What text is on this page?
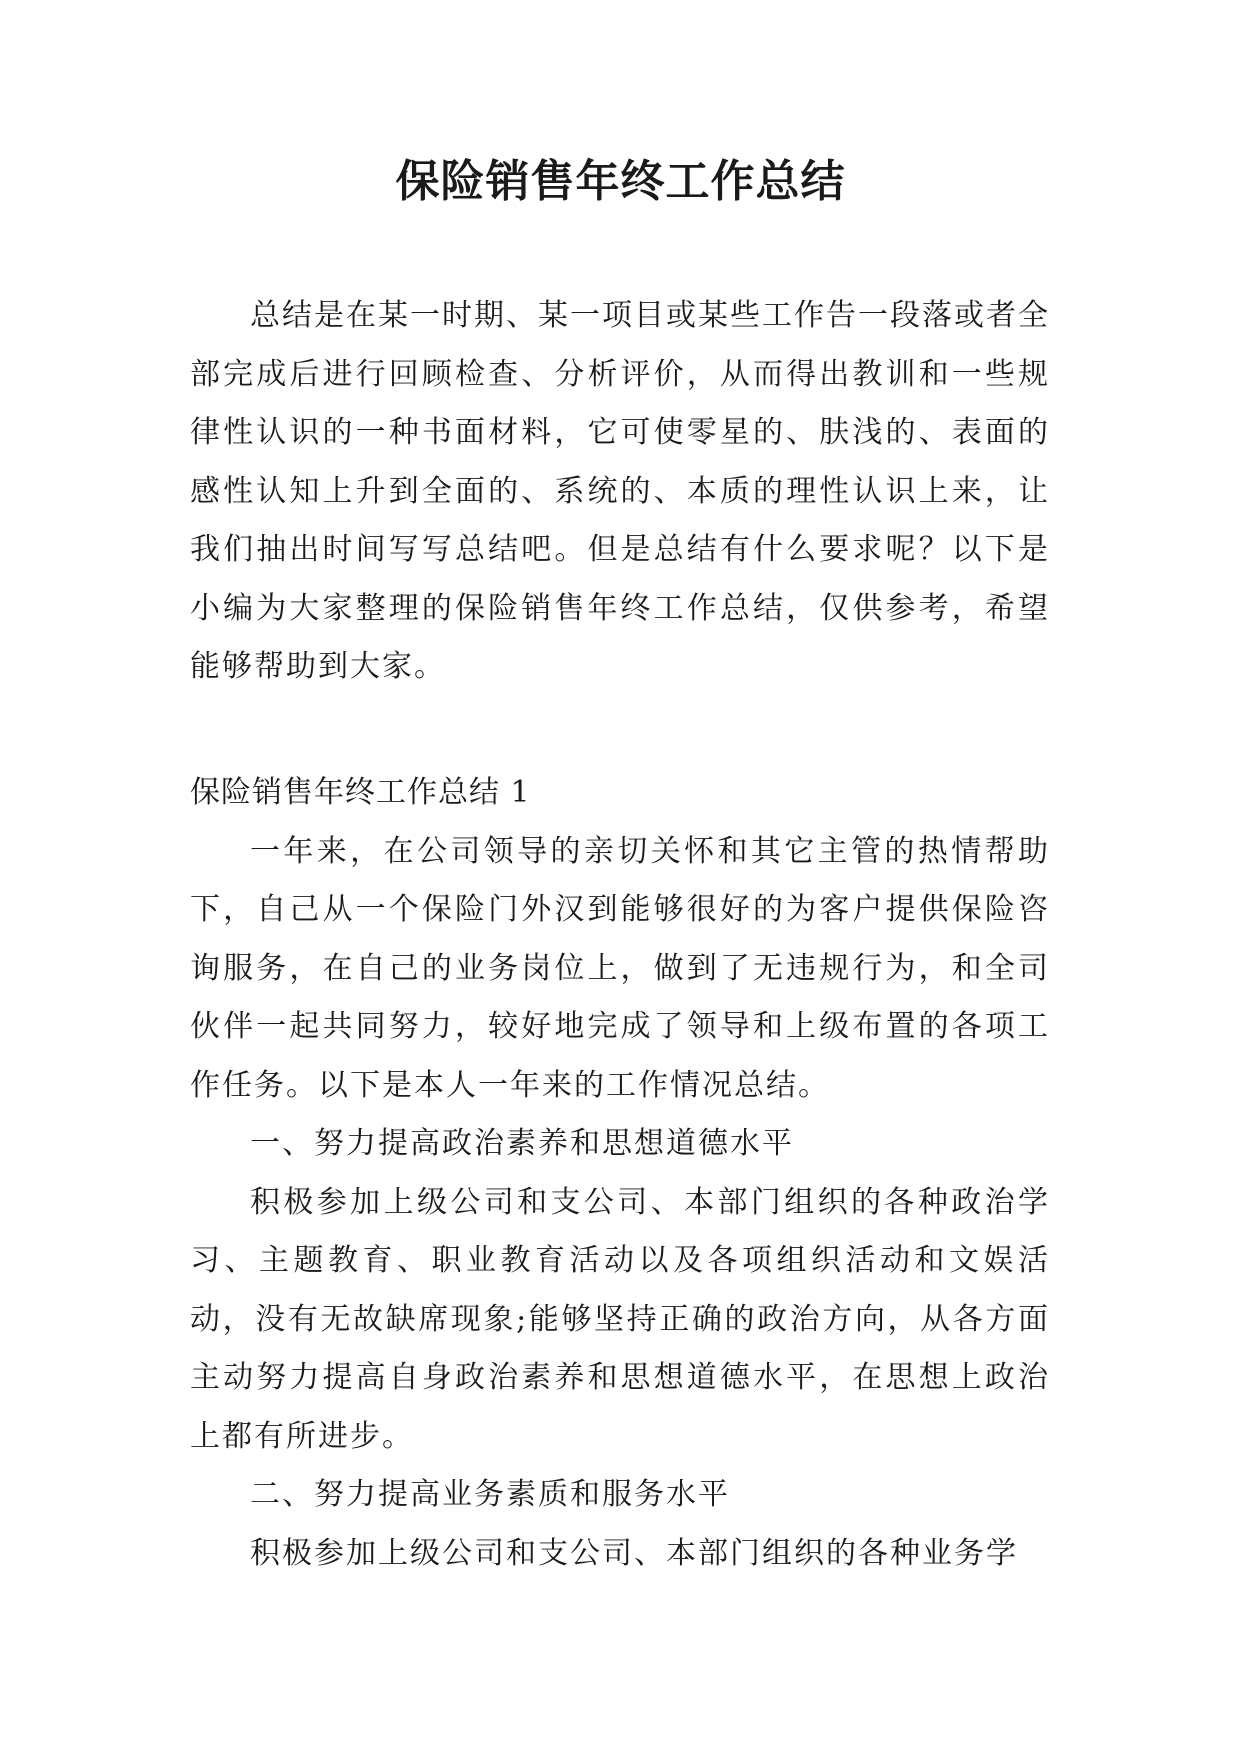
保险销售年终工作总结

总结是在某一时期、某一项目或某些工作告一段落或者全部完成后进行回顾检查、分析评价，从而得出教训和一些规律性认识的一种书面材料，它可使零星的、肤浅的、表面的感性认知上升到全面的、系统的、本质的理性认识上来，让我们抽出时间写写总结吧。但是总结有什么要求呢？以下是小编为大家整理的保险销售年终工作总结，仅供参考，希望能够帮助到大家。

保险销售年终工作总结 1

一年来，在公司领导的亲切关怀和其它主管的热情帮助下，自己从一个保险门外汉到能够很好的为客户提供保险咨询服务，在自己的业务岗位上，做到了无违规行为，和全司伙伴一起共同努力，较好地完成了领导和上级布置的各项工作任务。以下是本人一年来的工作情况总结。

一、努力提高政治素养和思想道德水平

积极参加上级公司和支公司、本部门组织的各种政治学习、主题教育、职业教育活动以及各项组织活动和文娱活动，没有无故缺席现象;能够坚持正确的政治方向，从各方面主动努力提高自身政治素养和思想道德水平，在思想上政治上都有所进步。

二、努力提高业务素质和服务水平

积极参加上级公司和支公司、本部门组织的各种业务学
